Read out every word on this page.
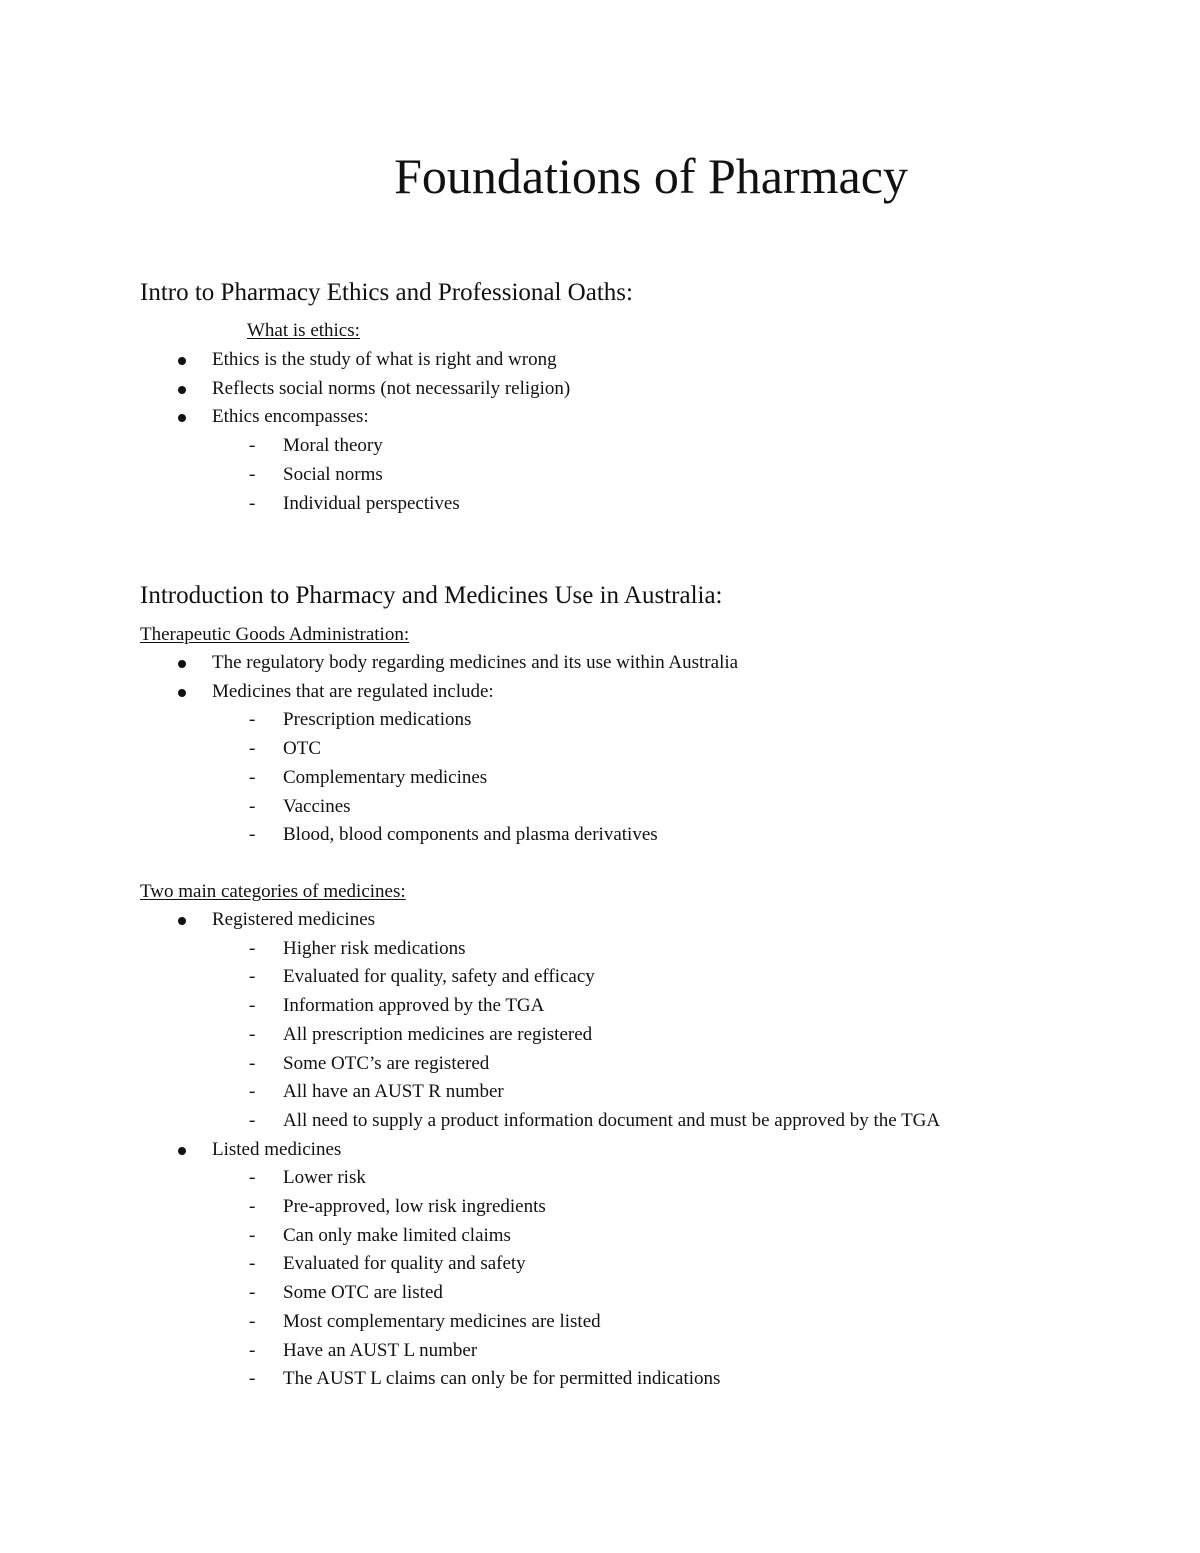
Foundations of Pharmacy
Intro to Pharmacy Ethics and Professional Oaths:
What is ethics:
Ethics is the study of what is right and wrong
Reflects social norms (not necessarily religion)
Ethics encompasses:
- Moral theory
- Social norms
- Individual perspectives
Introduction to Pharmacy and Medicines Use in Australia:
Therapeutic Goods Administration:
The regulatory body regarding medicines and its use within Australia
Medicines that are regulated include:
- Prescription medications
- OTC
- Complementary medicines
- Vaccines
- Blood, blood components and plasma derivatives
Two main categories of medicines:
Registered medicines
- Higher risk medications
- Evaluated for quality, safety and efficacy
- Information approved by the TGA
- All prescription medicines are registered
- Some OTC’s are registered
- All have an AUST R number
- All need to supply a product information document and must be approved by the TGA
Listed medicines
- Lower risk
- Pre-approved, low risk ingredients
- Can only make limited claims
- Evaluated for quality and safety
- Some OTC are listed
- Most complementary medicines are listed
- Have an AUST L number
- The AUST L claims can only be for permitted indications
